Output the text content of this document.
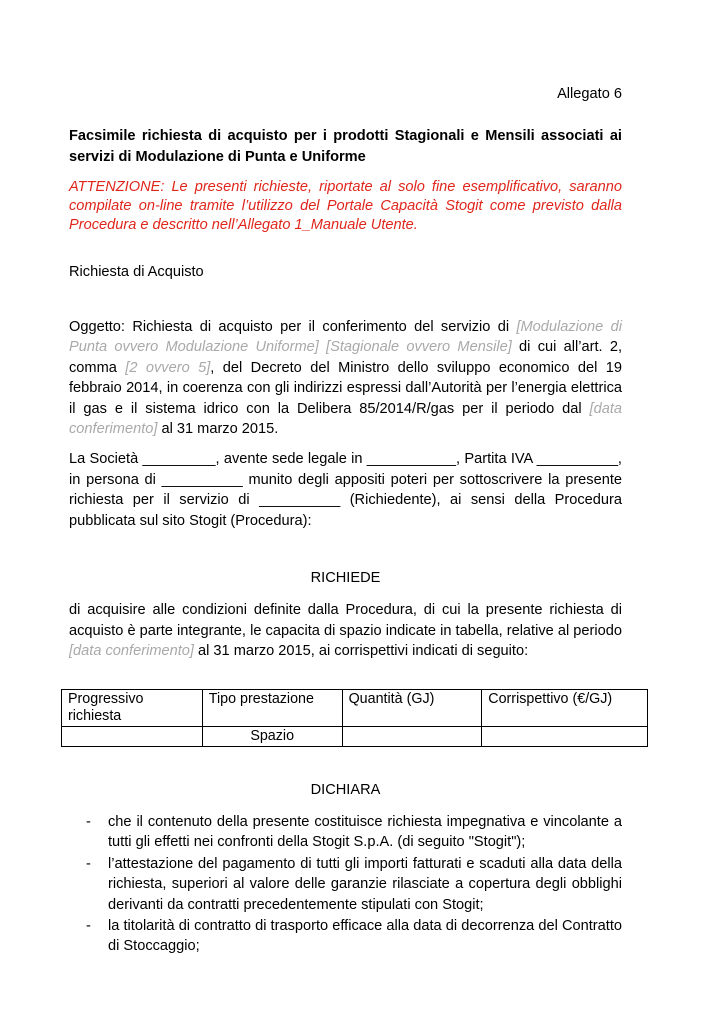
Allegato 6
Facsimile richiesta di acquisto per i prodotti Stagionali e Mensili associati ai servizi di Modulazione di Punta e Uniforme
ATTENZIONE: Le presenti richieste, riportate al solo fine esemplificativo, saranno compilate on-line tramite l’utilizzo del Portale Capacità Stogit come previsto dalla Procedura e descritto nell’Allegato 1_Manuale Utente.
Richiesta di Acquisto
Oggetto: Richiesta di acquisto per il conferimento del servizio di [Modulazione di Punta ovvero Modulazione Uniforme] [Stagionale ovvero Mensile] di cui all’art. 2, comma [2 ovvero 5], del Decreto del Ministro dello sviluppo economico del 19 febbraio 2014, in coerenza con gli indirizzi espressi dall’Autorità per l’energia elettrica il gas e il sistema idrico con la Delibera 85/2014/R/gas per il periodo dal [data conferimento] al 31 marzo 2015.
La Società _________, avente sede legale in ___________, Partita IVA __________, in persona di __________ munito degli appositi poteri per sottoscrivere la presente richiesta per il servizio di __________ (Richiedente), ai sensi della Procedura pubblicata sul sito Stogit (Procedura):
RICHIEDE
di acquisire alle condizioni definite dalla Procedura, di cui la presente richiesta di acquisto è parte integrante, le capacita di spazio indicate in tabella, relative al periodo [data conferimento] al 31 marzo 2015, ai corrispettivi indicati di seguito:
Progressivo richiesta	Tipo prestazione	Quantità (GJ)	Corrispettivo (€/GJ)
	Spazio		
DICHIARA
- che il contenuto della presente costituisce richiesta impegnativa e vincolante a tutti gli effetti nei confronti della Stogit S.p.A. (di seguito "Stogit");
- l’attestazione del pagamento di tutti gli importi fatturati e scaduti alla data della richiesta, superiori al valore delle garanzie rilasciate a copertura degli obblighi derivanti da contratti precedentemente stipulati con Stogit;
- la titolarità di contratto di trasporto efficace alla data di decorrenza del Contratto di Stoccaggio;
